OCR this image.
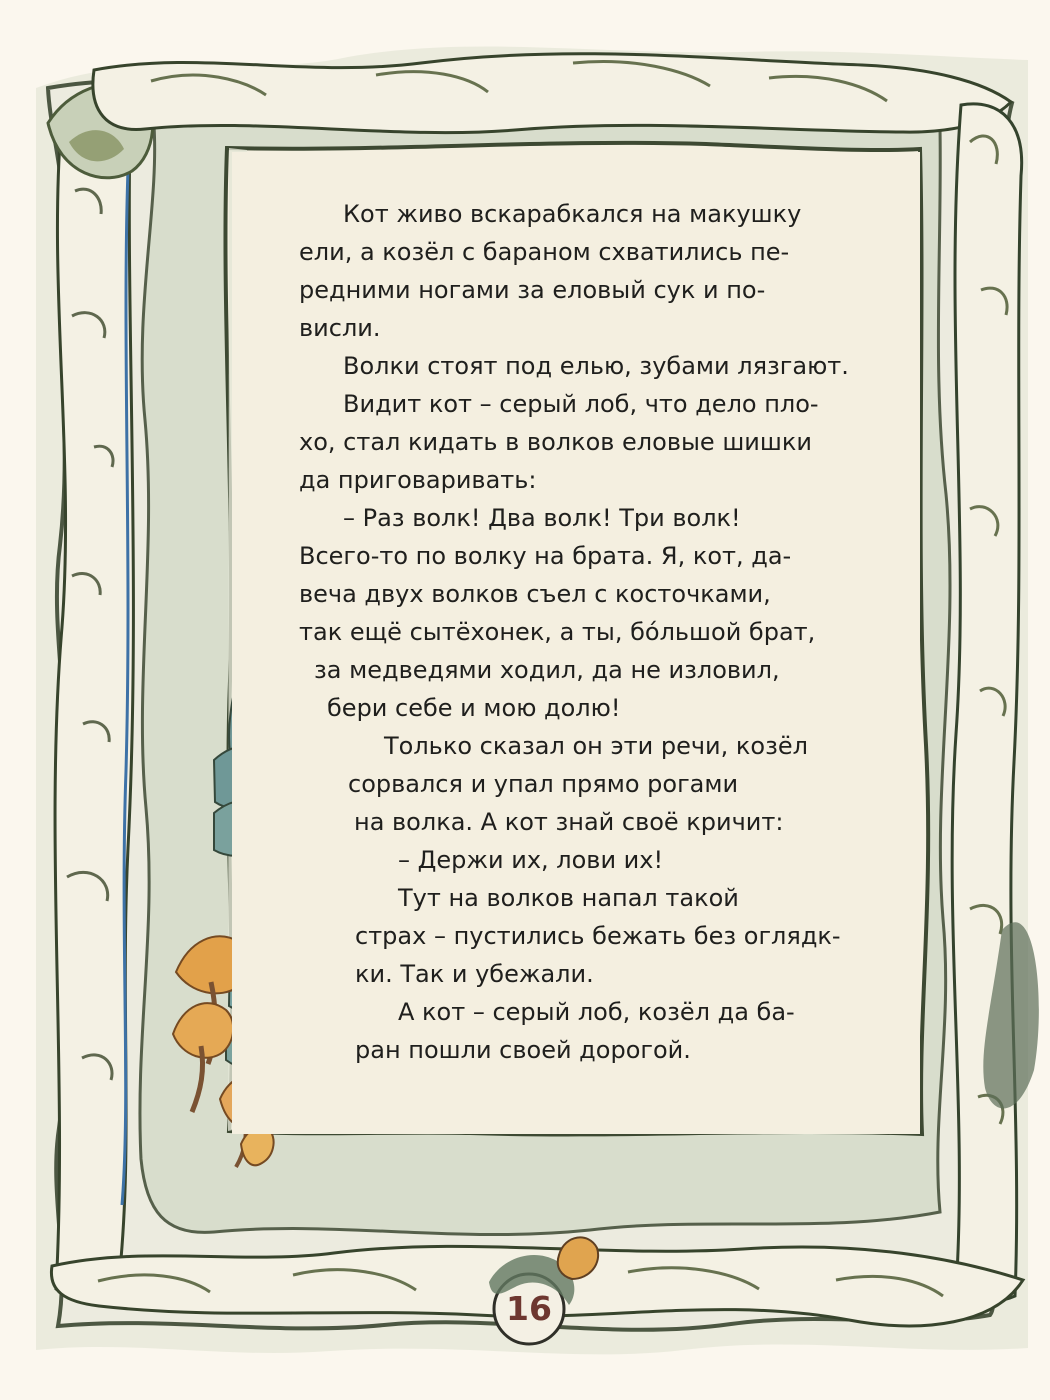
Кот живо вскарабкался на макушку
ели, а козёл с бараном схватились пе-
редними ногами за еловый сук и по-
висли.
Волки стоят под елью, зубами лязгают.
Видит кот – серый лоб, что дело пло-
хо, стал кидать в волков еловые шишки
да приговаривать:
– Раз волк! Два волк! Три волк!
Всего-то по волку на брата. Я, кот, да-
веча двух волков съел с косточками,
так ещё сытёхонек, а ты, бóльшой брат,
за медведями ходил, да не изловил,
бери себе и мою долю!
Только сказал он эти речи, козёл
сорвался и упал прямо рогами
на волка. А кот знай своё кричит:
– Держи их, лови их!
Тут на волков напал такой
страх – пустились бежать без оглядк-
ки. Так и убежали.
А кот – серый лоб, козёл да ба-
ран пошли своей дорогой.
16
